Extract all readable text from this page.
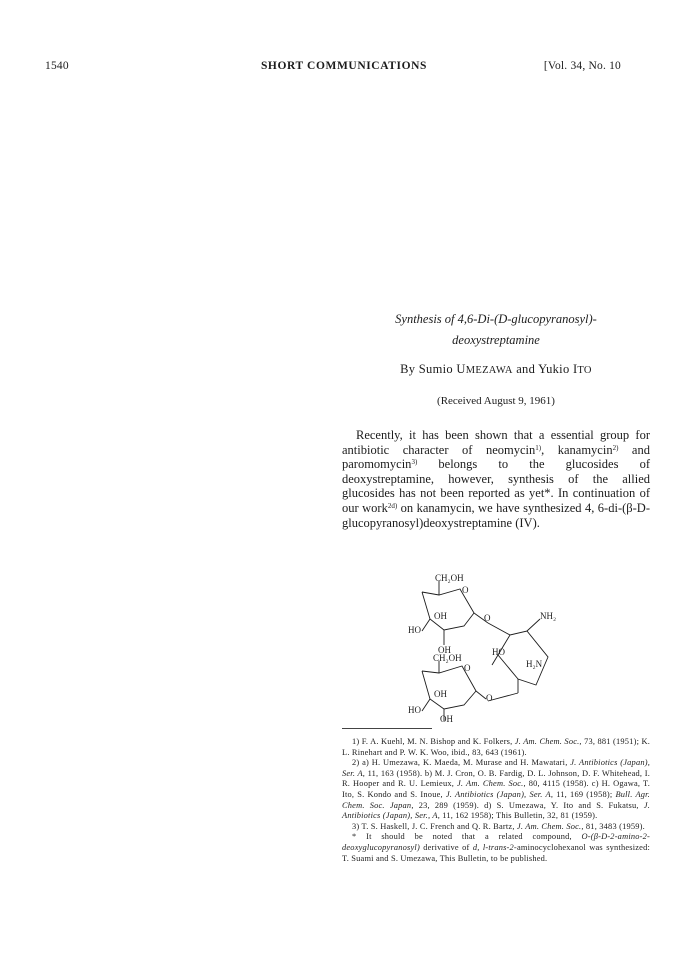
1540	SHORT COMMUNICATIONS	[Vol. 34, No. 10
Synthesis of 4,6-Di-(D-glucopyranosyl)-
deoxystreptamine
By Sumio UMEZAWA and Yukio ITO
(Received August 9, 1961)
Recently, it has been shown that a essential group for antibiotic character of neomycin$^{1)}$, kanamycin$^{2)}$ and paromomycin$^{3)}$ belongs to the glucosides of deoxystreptamine, however, synthesis of the allied glucosides has not been reported as yet*. In continuation of our work$^{2d)}$ on kanamycin, we have synthesized 4, 6-di-(β-D-glucopyranosyl)deoxystreptamine (IV).
CH₂OH
O
OH
HO
OH
O	NH₂
HO
H₂N
CH₂OH
O
O
OH
HO
OH
1) F. A. Kuehl, M. N. Bishop and K. Folkers, J. Am. Chem. Soc., 73, 881 (1951); K. L. Rinehart and P. W. K. Woo, ibid., 83, 643 (1961).
2) a) H. Umezawa, K. Maeda, M. Murase and H. Mawatari, J. Antibiotics (Japan), Ser. A, 11, 163 (1958). b) M. J. Cron, O. B. Fardig, D. L. Johnson, D. F. Whitehead, I. R. Hooper and R. U. Lemieux, J. Am. Chem. Soc., 80, 4115 (1958). c) H. Ogawa, T. Ito, S. Kondo and S. Inoue, J. Antibiotics (Japan), Ser. A, 11, 169 (1958); Bull. Agr. Chem. Soc. Japan, 23, 289 (1959). d) S. Umezawa, Y. Ito and S. Fukatsu, J. Antibiotics (Japan), Ser., A, 11, 162 1958); This Bulletin, 32, 81 (1959).
3) T. S. Haskell, J. C. French and Q. R. Bartz, J. Am. Chem. Soc., 81, 3483 (1959).
* It should be noted that a related compound, O-(β-D-2-amino-2-deoxyglucopyranosyl) derivative of d, l-trans-2-aminocyclohexanol was synthesized: T. Suami and S. Umezawa, This Bulletin, to be published.
